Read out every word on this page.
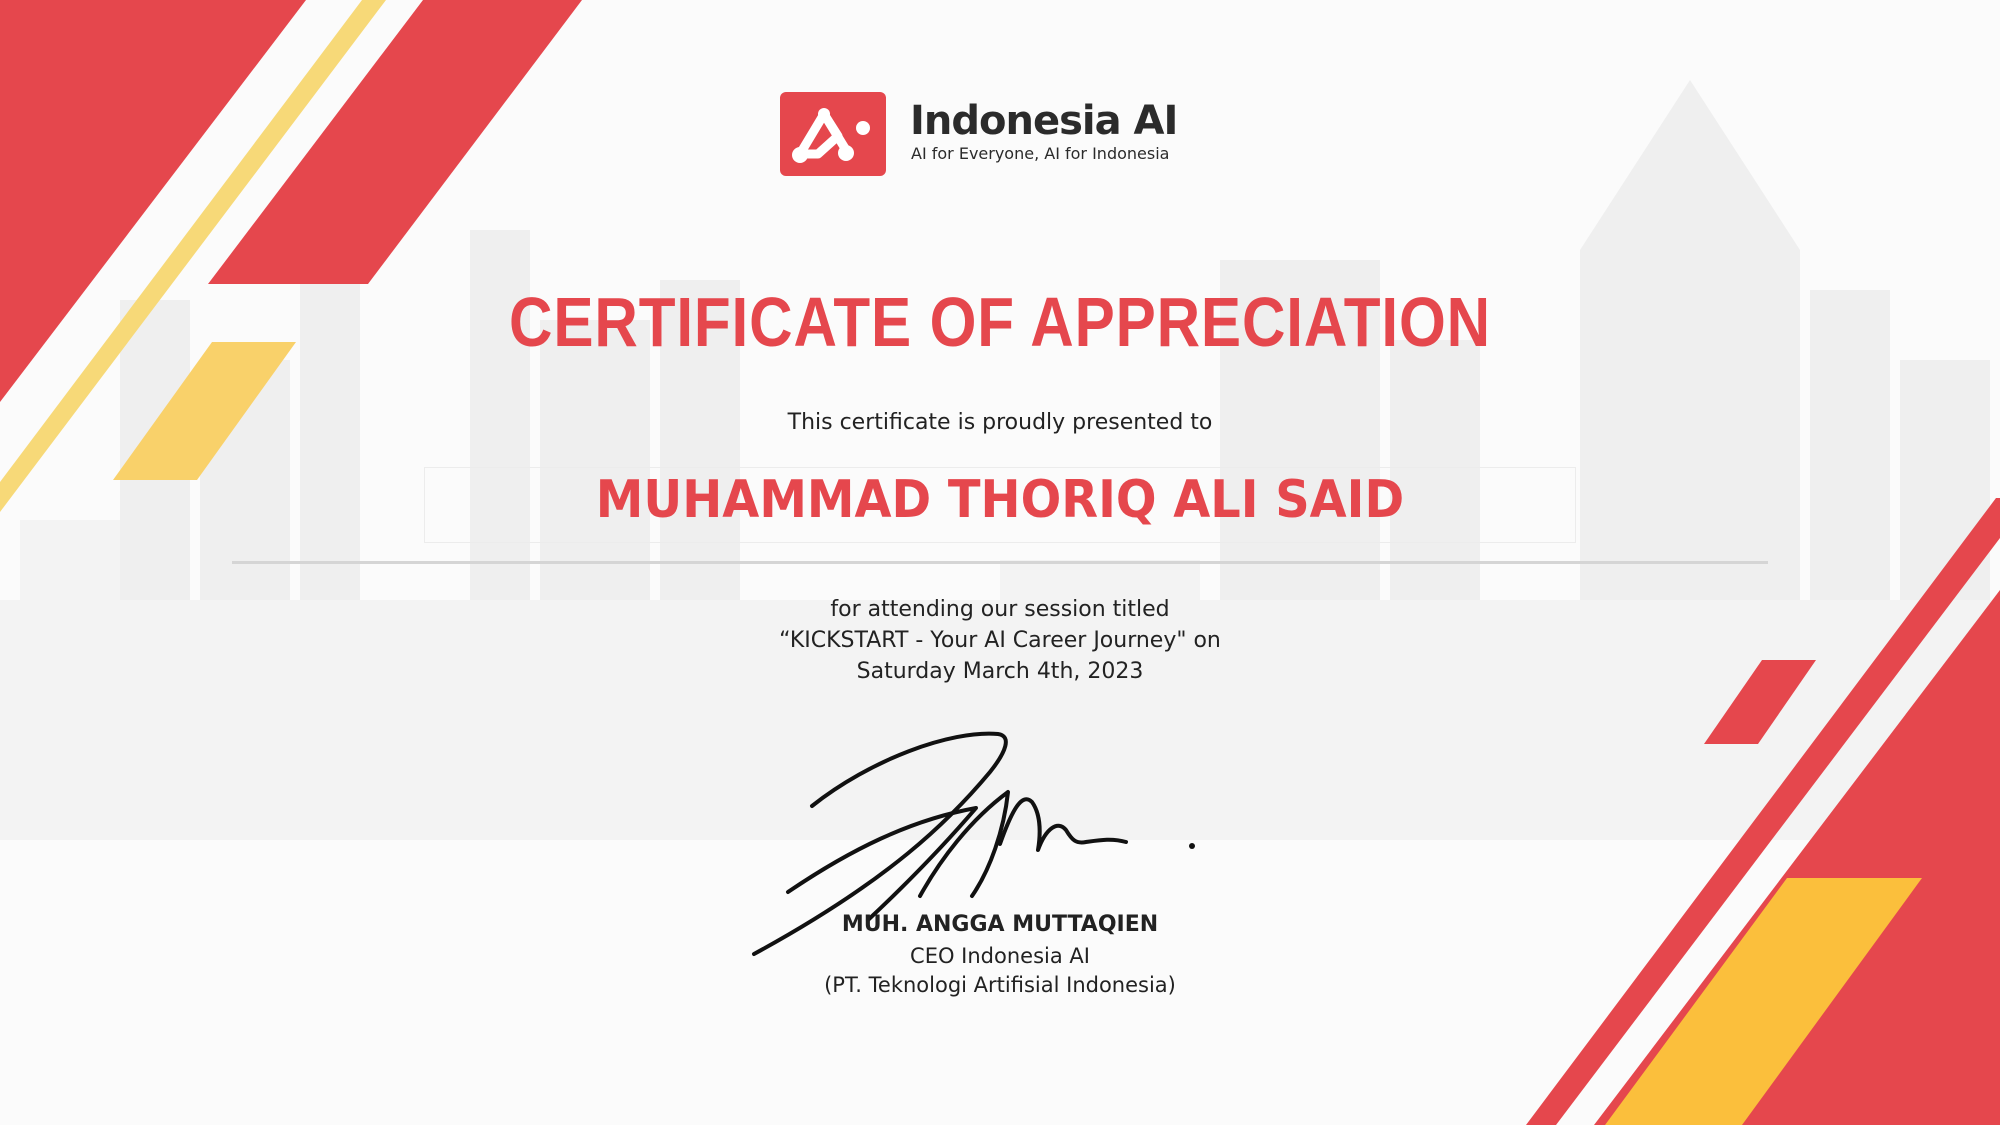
Indonesia AI
AI for Everyone, AI for Indonesia
CERTIFICATE OF APPRECIATION
This certificate is proudly presented to
MUHAMMAD THORIQ ALI SAID
for attending our session titled
“KICKSTART - Your AI Career Journey" on
Saturday March 4th, 2023
MUH. ANGGA MUTTAQIEN
CEO Indonesia AI
(PT. Teknologi Artifisial Indonesia)
